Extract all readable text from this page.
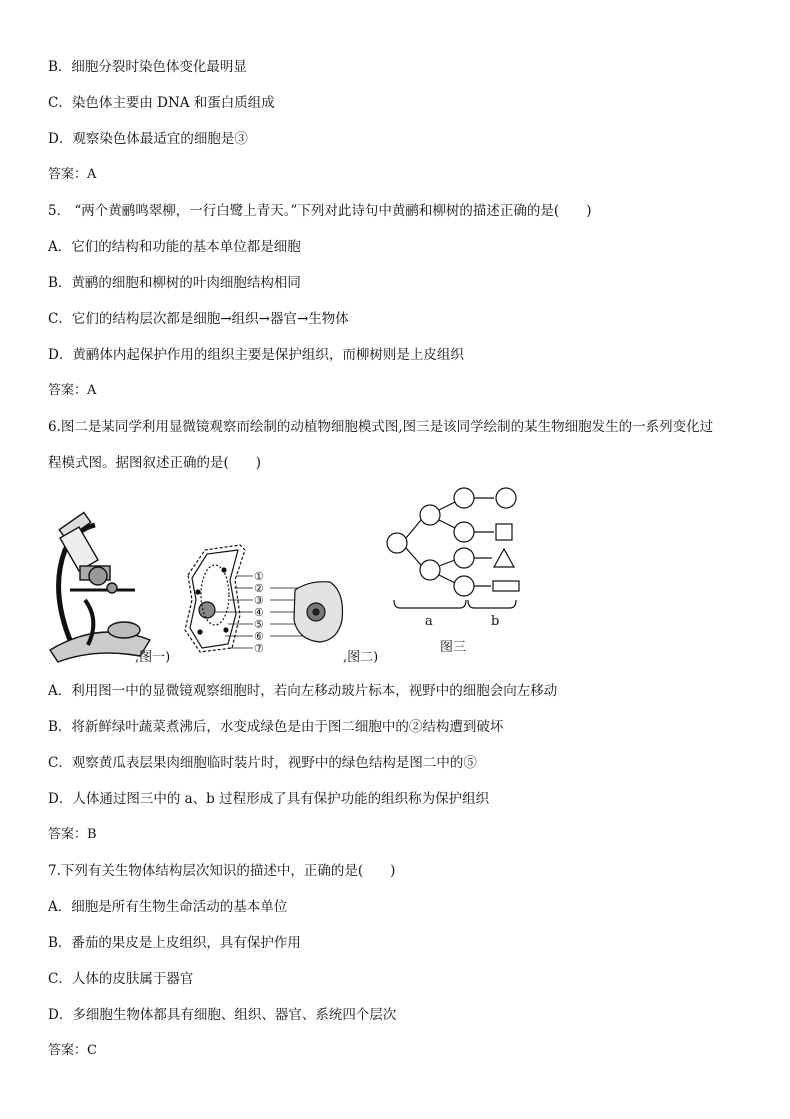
B．细胞分裂时染色体变化最明显
C．染色体主要由 DNA 和蛋白质组成
D．观察染色体最适宜的细胞是③
答案：A
5． “两个黄鹂鸣翠柳，一行白鹭上青天。”下列对此诗句中黄鹂和柳树的描述正确的是(　　)
A．它们的结构和功能的基本单位都是细胞
B．黄鹂的细胞和柳树的叶肉细胞结构相同
C．它们的结构层次都是细胞→组织→器官→生物体
D．黄鹂体内起保护作用的组织主要是保护组织，而柳树则是上皮组织
答案：A
6.图二是某同学利用显微镜观察而绘制的动植物细胞模式图,图三是该同学绘制的某生物细胞发生的一系列变化过
程模式图。据图叙述正确的是(　　)
,图一)	,图二)
图三
①
②
③
④
⑤
⑥
⑦
a	b
A．利用图一中的显微镜观察细胞时，若向左移动玻片标本，视野中的细胞会向左移动
B．将新鲜绿叶蔬菜煮沸后，水变成绿色是由于图二细胞中的②结构遭到破坏
C．观察黄瓜表层果肉细胞临时装片时，视野中的绿色结构是图二中的⑤
D．人体通过图三中的 a、b 过程形成了具有保护功能的组织称为保护组织
答案：B
7.下列有关生物体结构层次知识的描述中，正确的是(　　)
A．细胞是所有生物生命活动的基本单位
B．番茄的果皮是上皮组织，具有保护作用
C．人体的皮肤属于器官
D．多细胞生物体都具有细胞、组织、器官、系统四个层次
答案：C
